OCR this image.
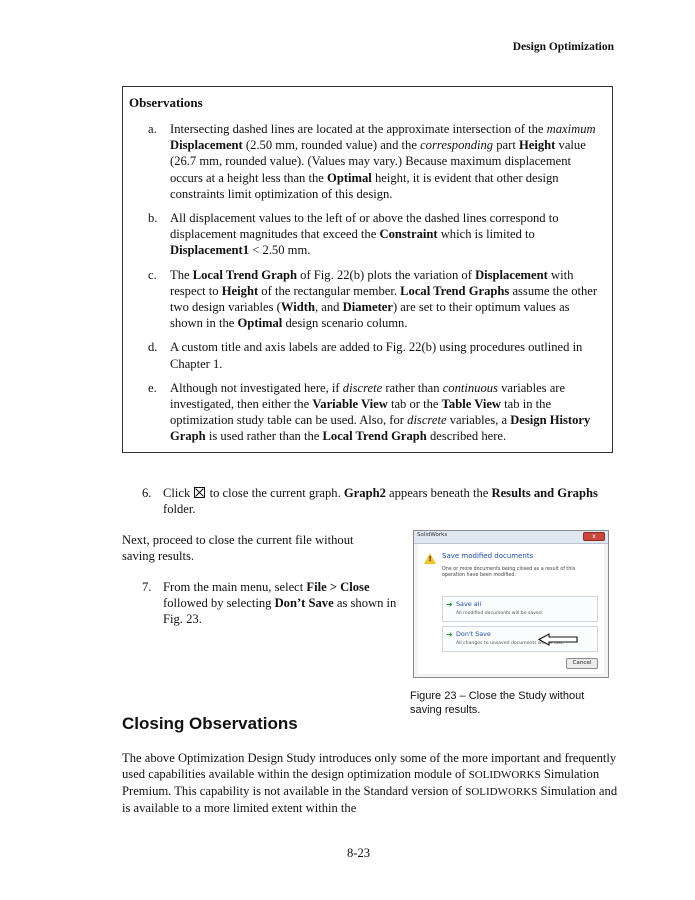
Design Optimization
Observations
a. Intersecting dashed lines are located at the approximate intersection of the maximum Displacement (2.50 mm, rounded value) and the corresponding part Height value (26.7 mm, rounded value). (Values may vary.) Because maximum displacement occurs at a height less than the Optimal height, it is evident that other design constraints limit optimization of this design.
b. All displacement values to the left of or above the dashed lines correspond to displacement magnitudes that exceed the Constraint which is limited to Displacement1 < 2.50 mm.
c. The Local Trend Graph of Fig. 22(b) plots the variation of Displacement with respect to Height of the rectangular member. Local Trend Graphs assume the other two design variables (Width, and Diameter) are set to their optimum values as shown in the Optimal design scenario column.
d. A custom title and axis labels are added to Fig. 22(b) using procedures outlined in Chapter 1.
e. Although not investigated here, if discrete rather than continuous variables are investigated, then either the Variable View tab or the Table View tab in the optimization study table can be used. Also, for discrete variables, a Design History Graph is used rather than the Local Trend Graph described here.
6. Click  to close the current graph. Graph2 appears beneath the Results and Graphs folder.
Next, proceed to close the current file without saving results.
7. From the main menu, select File > Close followed by selecting Don’t Save as shown in Fig. 23.
SolidWorks	x
!
Save modified documents
One or more documents being closed as a result of this operation have been modified.
➜ Save all
All modified documents will be saved.
➜ Don't Save
All changes to unsaved documents will be lost.
Cancel
Figure 23 – Close the Study without saving results.
Closing Observations
The above Optimization Design Study introduces only some of the more important and frequently used capabilities available within the design optimization module of SOLIDWORKS Simulation Premium. This capability is not available in the Standard version of SOLIDWORKS Simulation and is available to a more limited extent within the
8-23
